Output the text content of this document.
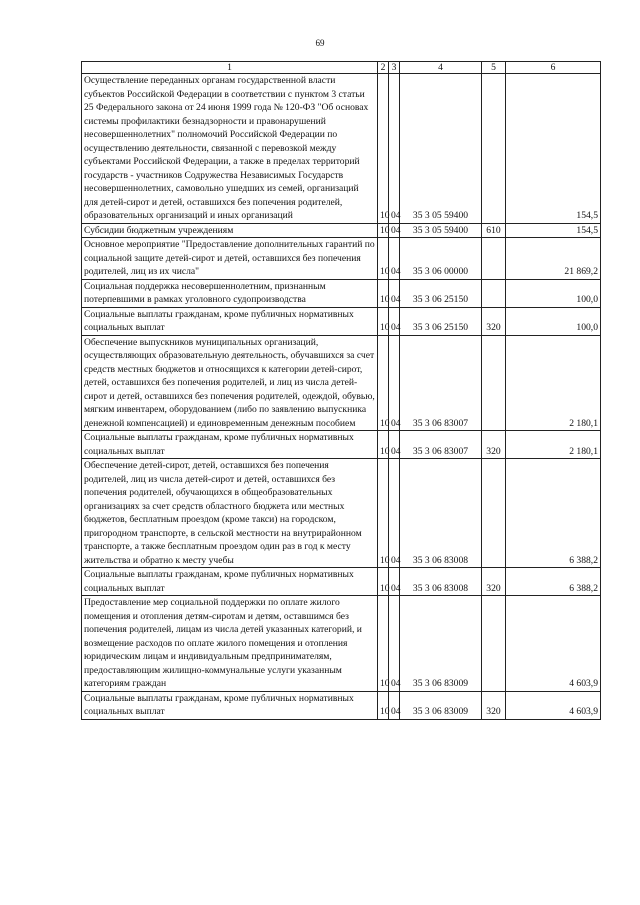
69
1	2	3	4	5	6
Осуществление переданных органам государственной власти субъектов Российской Федерации в соответствии с пунктом 3 статьи 25 Федерального закона от 24 июня 1999 года № 120-ФЗ "Об основах системы профилактики безнадзорности и правонарушений несовершеннолетних" полномочий Российской Федерации по осуществлению деятельности, связанной с перевозкой между субъектами Российской Федерации, а также в пределах территорий государств - участников Содружества Независимых Государств несовершеннолетних, самовольно ушедших из семей, организаций для детей-сирот и детей, оставшихся без попечения родителей, образовательных организаций и иных организаций	10	04	35 3 05 59400		154,5
Субсидии бюджетным учреждениям	10	04	35 3 05 59400	610	154,5
Основное мероприятие "Предоставление дополнительных гарантий по социальной защите детей-сирот и детей, оставшихся без попечения родителей, лиц из их числа"	10	04	35 3 06 00000		21 869,2
Социальная поддержка несовершеннолетним, признанным потерпевшими в рамках уголовного судопроизводства	10	04	35 3 06 25150		100,0
Социальные выплаты гражданам, кроме публичных нормативных социальных выплат	10	04	35 3 06 25150	320	100,0
Обеспечение выпускников муниципальных организаций, осуществляющих образовательную деятельность, обучавшихся за счет средств местных бюджетов и относящихся к категории детей-сирот, детей, оставшихся без попечения родителей, и лиц из числа детей-сирот и детей, оставшихся без попечения родителей, одеждой, обувью, мягким инвентарем, оборудованием (либо по заявлению выпускника денежной компенсацией) и единовременным денежным пособием	10	04	35 3 06 83007		2 180,1
Социальные выплаты гражданам, кроме публичных нормативных социальных выплат	10	04	35 3 06 83007	320	2 180,1
Обеспечение детей-сирот, детей, оставшихся без попечения родителей, лиц из числа детей-сирот и детей, оставшихся без попечения родителей, обучающихся в общеобразовательных организациях за счет средств областного бюджета или местных бюджетов, бесплатным проездом (кроме такси) на городском, пригородном транспорте, в сельской местности на внутрирайонном транспорте, а также бесплатным проездом один раз в год к месту жительства и обратно к месту учебы	10	04	35 3 06 83008		6 388,2
Социальные выплаты гражданам, кроме публичных нормативных социальных выплат	10	04	35 3 06 83008	320	6 388,2
Предоставление мер социальной поддержки по оплате жилого помещения и отопления детям-сиротам и детям, оставшимся без попечения родителей, лицам из числа детей указанных категорий, и возмещение расходов по оплате жилого помещения и отопления юридическим лицам и индивидуальным предпринимателям, предоставляющим жилищно-коммунальные услуги указанным категориям граждан	10	04	35 3 06 83009		4 603,9
Социальные выплаты гражданам, кроме публичных нормативных социальных выплат	10	04	35 3 06 83009	320	4 603,9
